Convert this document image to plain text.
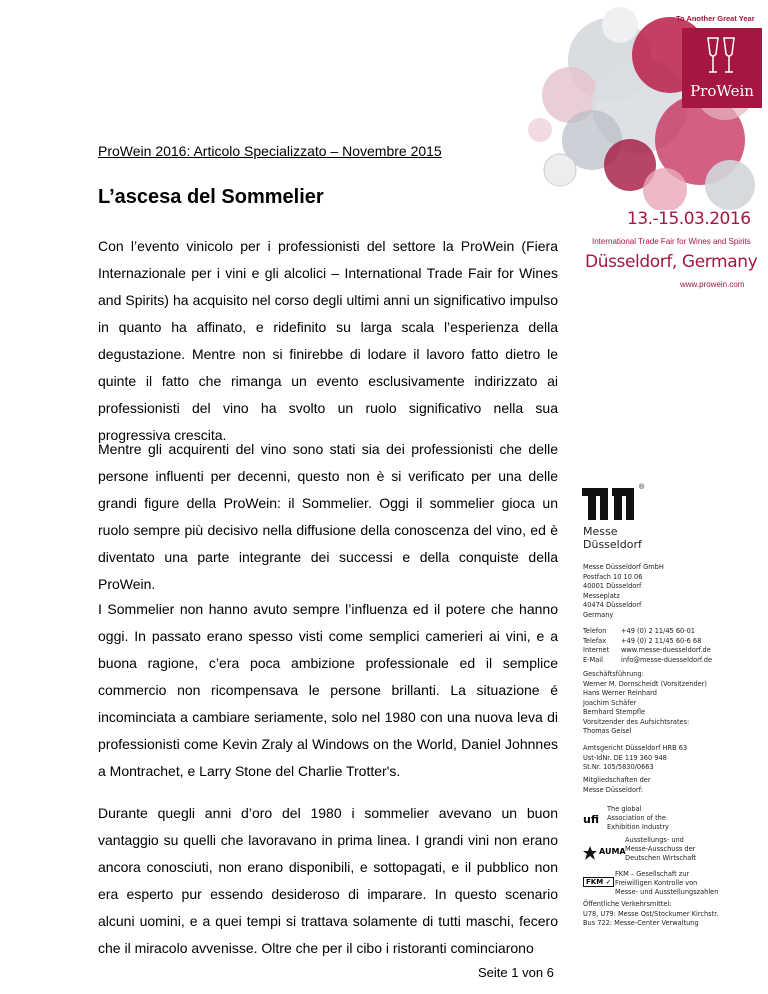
ProWein 2016: Articolo Specializzato – Novembre 2015
L’ascesa del Sommelier

Con l’evento vinicolo per i professionisti del settore la ProWein (Fiera Internazionale per i vini e gli alcolici – International Trade Fair for Wines and Spirits) ha acquisito nel corso degli ultimi anni un significativo impulso in quanto ha affinato, e ridefinito su larga scala l’esperienza della degustazione. Mentre non si finirebbe di lodare il lavoro fatto dietro le quinte il fatto che rimanga un evento esclusivamente indirizzato ai professionisti del vino ha svolto un ruolo significativo nella sua progressiva crescita.

Mentre gli acquirenti del vino sono stati sia dei professionisti che delle persone influenti per decenni, questo non è si verificato per una delle grandi figure della ProWein: il Sommelier. Oggi il sommelier gioca un ruolo sempre più decisivo nella diffusione della conoscenza del vino, ed è diventato una parte integrante dei successi e della conquiste della ProWein.

I Sommelier non hanno avuto sempre l’influenza ed il potere che hanno oggi. In passato erano spesso visti come semplici camerieri ai vini, e a buona ragione, c’era poca ambizione professionale ed il semplice commercio non ricompensava le persone brillanti. La situazione é incominciata a cambiare seriamente, solo nel 1980 con una nuova leva di professionisti come Kevin Zraly al Windows on the World, Daniel Johnnes a Montrachet, e Larry Stone del Charlie Trotter's.

Durante quegli anni d’oro del 1980 i sommelier avevano un buon vantaggio su quelli che lavoravano in prima linea. I grandi vini non erano ancora conosciuti, non erano disponibili, e sottopagati, e il pubblico non era esperto pur essendo desideroso di imparare. In questo scenario alcuni uomini, e a quei tempi si trattava solamente di tutti maschi, fecero che il miracolo avvenisse. Oltre che per il cibo i ristoranti cominciarono

Seite 1 von 6
To Another Great Year
ProWein
13.-15.03.2016
International Trade Fair for Wines and Spirits
Düsseldorf, Germany
www.prowein.com
®
Messe
Düsseldorf
Messe Düsseldorf GmbH
Postfach 10 10 06
40001 Düsseldorf
Messeplatz
40474 Düsseldorf
Germany
Telefon	+49 (0) 2 11/45 60-01
Telefax	+49 (0) 2 11/45 60-6 68
Internet	www.messe-duesseldorf.de
E-Mail	info@messe-duesseldorf.de
Geschäftsführung:
Werner M. Dornscheidt (Vorsitzender)
Hans Werner Reinhard
Joachim Schäfer
Bernhard Stempfle
Vorsitzender des Aufsichtsrates:
Thomas Geisel
Amtsgericht Düsseldorf HRB 63
Ust-IdNr. DE 119 360 948
St.Nr. 105/5830/0663
Mitgliedschaften der
Messe Düsseldorf:
ufi
The global
Association of the
Exhibition Industry
AUMA
Ausstellungs- und
Messe-Ausschuss der
Deutschen Wirtschaft
FKM ✓
FKM – Gesellschaft zur
Freiwilligen Kontrolle von
Messe- und Ausstellungszahlen
Öffentliche Verkehrsmittel:
U78, U79: Messe Ost/Stockumer Kirchstr.
Bus 722: Messe-Center Verwaltung
